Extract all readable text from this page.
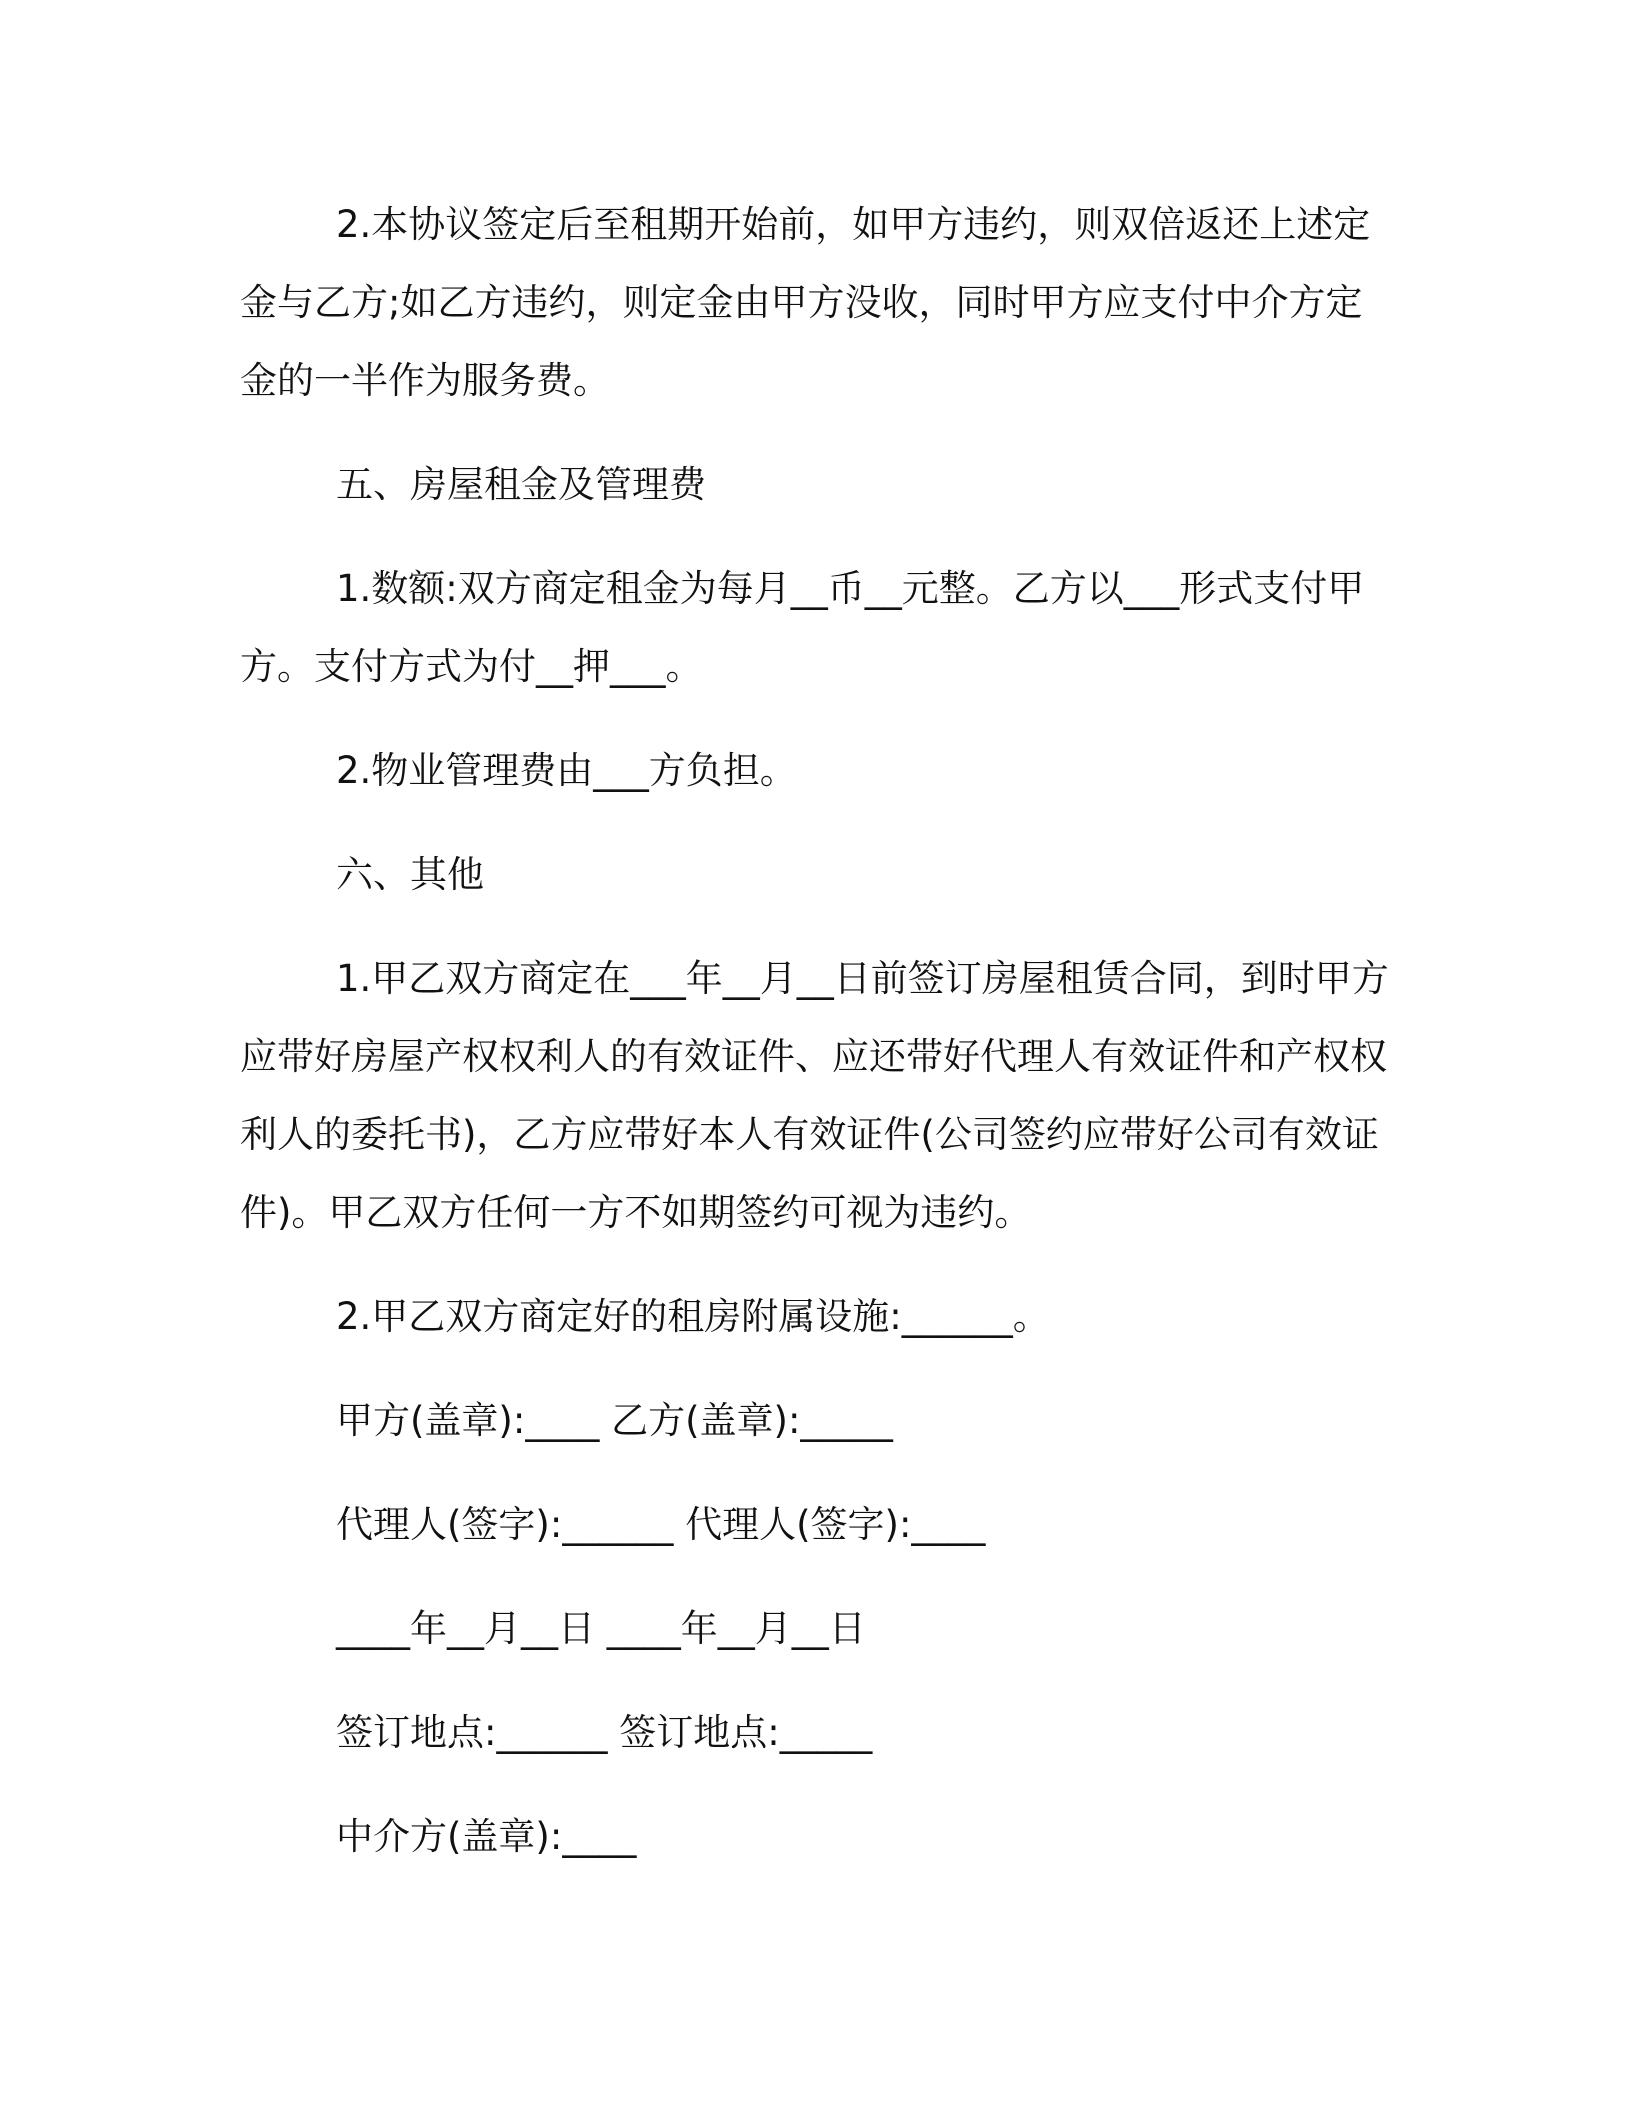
2.本协议签定后至租期开始前，如甲方违约，则双倍返还上述定金与乙方;如乙方违约，则定金由甲方没收，同时甲方应支付中介方定金的一半作为服务费。

五、房屋租金及管理费

1.数额:双方商定租金为每月__币__元整。乙方以___形式支付甲方。支付方式为付__押___。

2.物业管理费由___方负担。

六、其他

1.甲乙双方商定在___年__月__日前签订房屋租赁合同，到时甲方应带好房屋产权权利人的有效证件、应还带好代理人有效证件和产权权利人的委托书)，乙方应带好本人有效证件(公司签约应带好公司有效证件)。甲乙双方任何一方不如期签约可视为违约。

2.甲乙双方商定好的租房附属设施:______。

甲方(盖章):____ 乙方(盖章):_____

代理人(签字):______ 代理人(签字):____

____年__月__日 ____年__月__日

签订地点:______ 签订地点:_____

中介方(盖章):____
